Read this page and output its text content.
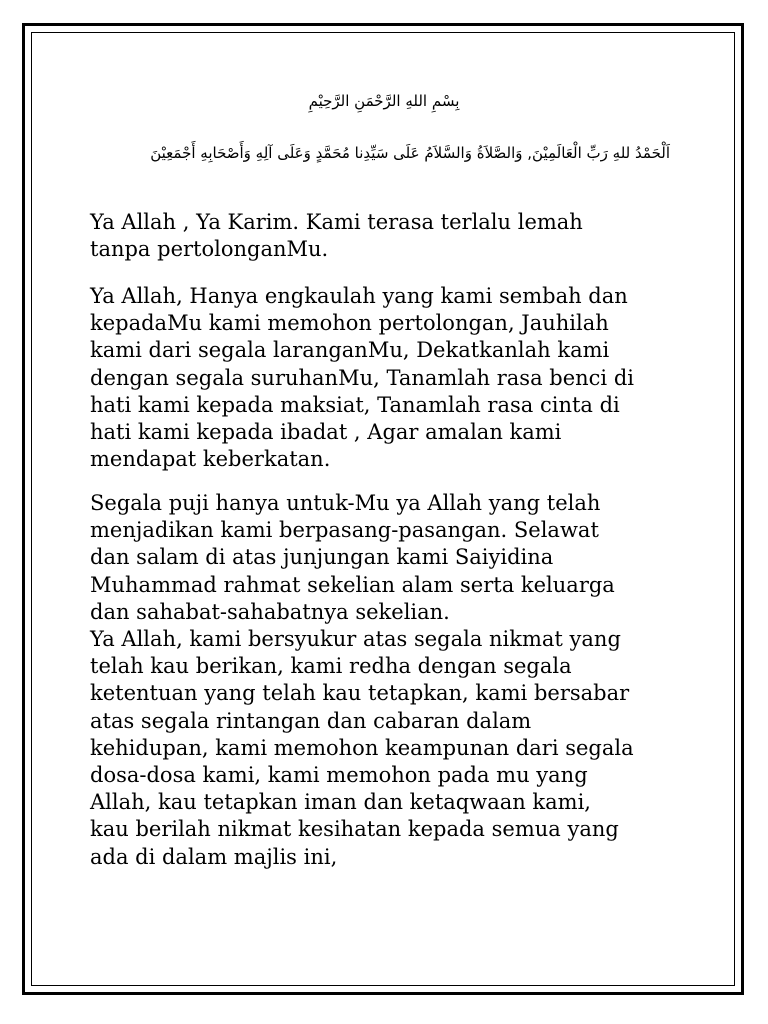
بِسْمِ اللهِ الرَّحْمَنِ الرَّحِيْمِ
اَلْحَمْدُ للهِ رَبِّ الْعَالَمِيْنَ, وَالصَّلاَةُ وَالسَّلاَمُ عَلَى سَيِّدِنا مُحَمَّدٍ وَعَلَى آلِهِ وَأَصْحَابِهِ أَجْمَعِيْنَ

Ya Allah , Ya Karim. Kami terasa terlalu lemah
tanpa pertolonganMu.

Ya Allah, Hanya engkaulah yang kami sembah dan
kepadaMu kami memohon pertolongan, Jauhilah
kami dari segala laranganMu, Dekatkanlah kami
dengan segala suruhanMu, Tanamlah rasa benci di
hati kami kepada maksiat, Tanamlah rasa cinta di
hati kami kepada ibadat , Agar amalan kami
mendapat keberkatan.

Segala puji hanya untuk-Mu ya Allah yang telah
menjadikan kami berpasang-pasangan. Selawat
dan salam di atas junjungan kami Saiyidina
Muhammad rahmat sekelian alam serta keluarga
dan sahabat-sahabatnya sekelian.
Ya Allah, kami bersyukur atas segala nikmat yang
telah kau berikan, kami redha dengan segala
ketentuan yang telah kau tetapkan, kami bersabar
atas segala rintangan dan cabaran dalam
kehidupan, kami memohon keampunan dari segala
dosa-dosa kami, kami memohon pada mu yang
Allah, kau tetapkan iman dan ketaqwaan kami,
kau berilah nikmat kesihatan kepada semua yang
ada di dalam majlis ini,
